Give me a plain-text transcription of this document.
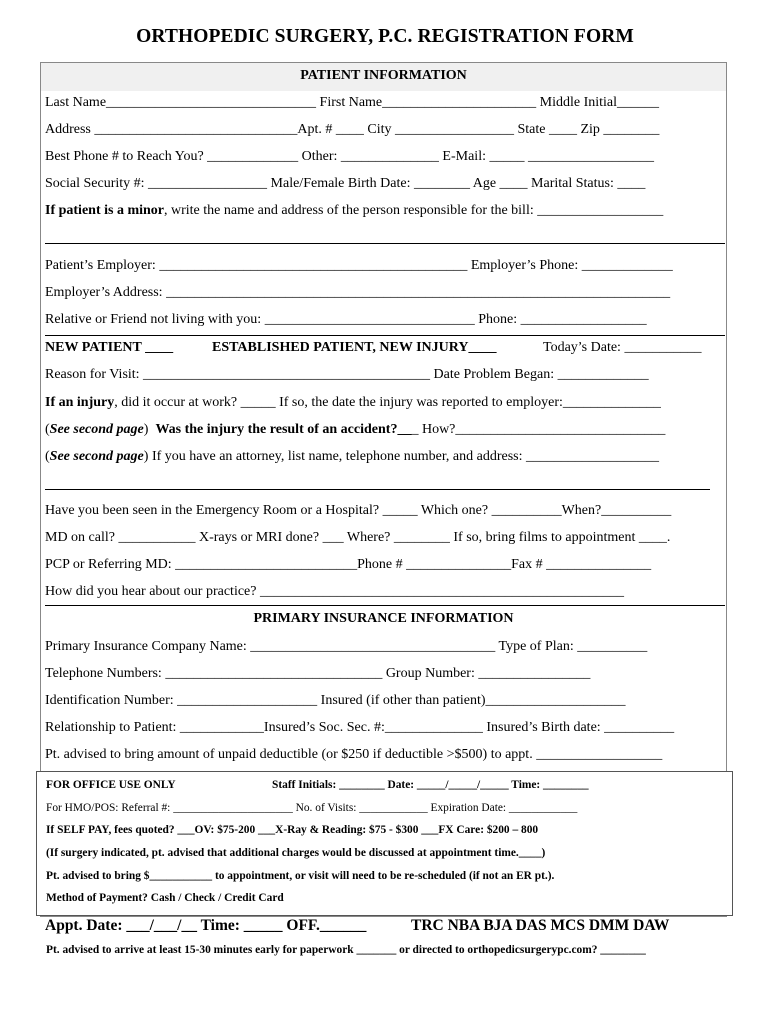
ORTHOPEDIC SURGERY, P.C. REGISTRATION FORM
PATIENT INFORMATION
Last Name______________________________ First Name______________________ Middle Initial______
Address _____________________________Apt. # ____ City _________________ State ____ Zip ________
Best Phone # to Reach You? _____________ Other: ______________ E-Mail: _____ __________________
Social Security #: _________________ Male/Female Birth Date: ________ Age ____ Marital Status: ____
If patient is a minor, write the name and address of the person responsible for the bill: __________________
Patient’s Employer: ____________________________________________ Employer’s Phone: _____________
Employer’s Address: ________________________________________________________________________
Relative or Friend not living with you: ______________________________ Phone: __________________
NEW PATIENT ____	ESTABLISHED PATIENT, NEW INJURY____	Today’s Date: ___________
Reason for Visit: _________________________________________ Date Problem Began: _____________
If an injury, did it occur at work? _____ If so, the date the injury was reported to employer:______________
(See second page)  Was the injury the result of an accident?___ How?______________________________
(See second page) If you have an attorney, list name, telephone number, and address: ___________________
Have you been seen in the Emergency Room or a Hospital? _____ Which one? __________When?__________
MD on call? ___________ X-rays or MRI done? ___ Where? ________ If so, bring films to appointment ____.
PCP or Referring MD: __________________________Phone # _______________Fax # _______________
How did you hear about our practice? ____________________________________________________
PRIMARY INSURANCE INFORMATION
Primary Insurance Company Name: ___________________________________ Type of Plan: __________
Telephone Numbers: _______________________________ Group Number: ________________
Identification Number: ____________________ Insured (if other than patient)____________________
Relationship to Patient: ____________Insured’s Soc. Sec. #:______________ Insured’s Birth date: __________
Pt. advised to bring amount of unpaid deductible (or $250 if deductible >$500) to appt. __________________
FOR OFFICE USE ONLY	Staff Initials: ________ Date: _____/_____/_____ Time: ________
For HMO/POS: Referral #: _____________________ No. of Visits: ____________ Expiration Date: ____________
If SELF PAY, fees quoted? ___OV: $75-200 ___X-Ray & Reading: $75 - $300 ___FX Care: $200 – 800
(If surgery indicated, pt. advised that additional charges would be discussed at appointment time.____)
Pt. advised to bring $___________ to appointment, or visit will need to be re-scheduled (if not an ER pt.).
Method of Payment? Cash / Check / Credit Card
Appt. Date: ___/___/__ Time: _____ OFF.______	TRC NBA BJA DAS MCS DMM DAW
Pt. advised to arrive at least 15-30 minutes early for paperwork _______ or directed to orthopedicsurgerypc.com? ________
